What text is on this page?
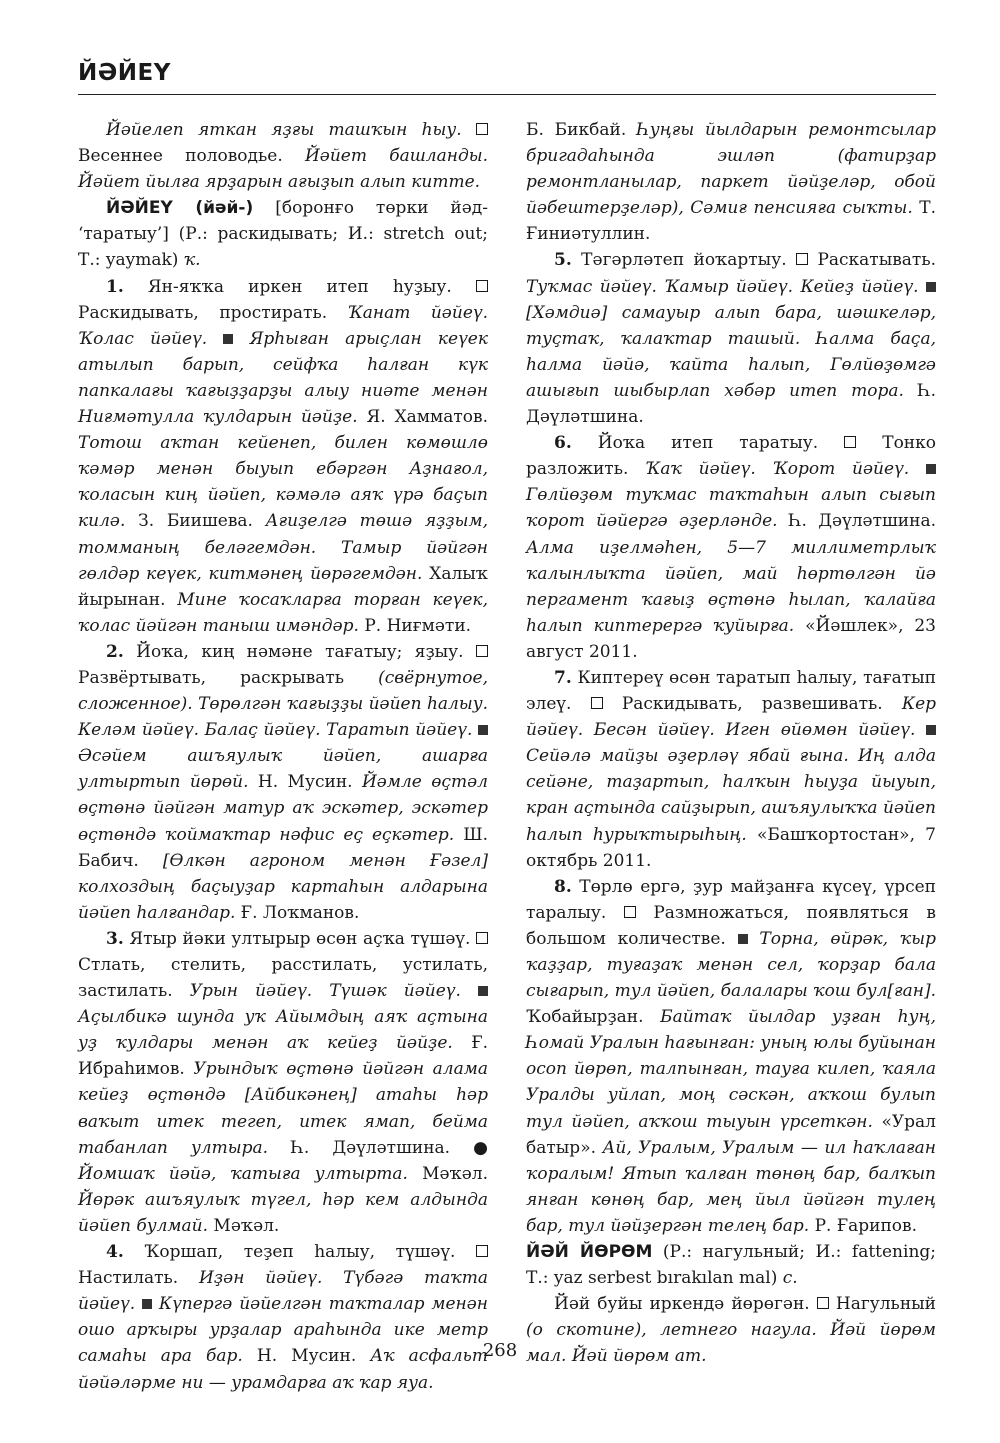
ЙӘЙЕҮ

Йәйелеп яткан яҙғы ташҡын һыу.  Весеннее половодье. Йәйет башланды. Йәйет йылға ярҙарын ағыҙып алып китте.

ЙӘЙЕҮ (йәй-) [боронғо төрки йәд- ‘таратыу’] (Р.: раскидывать; И.: stretch out; Т.: yaymak) ҡ.

1. Ян-яҡҡа иркен итеп һуҙыу.  Раскидывать, простирать. Ҡанат йәйеү. Ҡолас йәйеү.  Ярһыған арыҫлан кеүек атылып барып, сейфҡа һалған күк папкалағы ҡағыҙҙарҙы алыу ниәте менән Ниғмәтулла ҡулдарын йәйҙе. Я. Хамматов. Тотош аҡтан кейенеп, билен көмөшлө ҡәмәр менән быуып ебәргән Аҙнағол, ҡоласын киң йәйеп, кәмәлә аяҡ үрә баҫып килә. З. Биишева. Ағиҙелгә төшә яҙҙым, томманың беләгемдән. Тамыр йәйгән гөлдәр кеүек, китмәнең йөрәгемдән. Халыҡ йырынан. Мине ҡосаҡларға торған кеүек, ҡолас йәйгән таныш имәндәр. Р. Ниғмәти.

2. Йоҡа, киң нәмәне тағатыу; яҙыу.  Развёртывать, раскрывать (свёрнутое, сложенное). Төрөлгән ҡағыҙҙы йәйеп һалыу. Келәм йәйеү. Балаҫ йәйеү. Таратып йәйеү.  Әсәйем ашъяулыҡ йәйеп, ашарға ултыртып йөрөй. Н. Мусин. Йәмле өҫтәл өҫтөнә йәйгән матур аҡ эскәтер, эскәтер өҫтөндә ҡоймаҡтар нәфис еҫ еҫкәтер. Ш. Бабич. [Өлкән агроном менән Ғәзел] колхоздың баҫыуҙар картаһын алдарына йәйеп һалғандар. Ғ. Лоҡманов.

3. Ятыр йәки ултырыр өсөн аҫҡа түшәү.  Стлать, стелить, расстилать, устилать, застилать. Урын йәйеү. Түшәк йәйеү.  Аҫылбикә шунда уҡ Айымдың аяҡ аҫтына уҙ ҡулдары менән аҡ кейеҙ йәйҙе. Ғ. Ибраһимов. Урындыҡ өҫтөнә йәйгән алама кейеҙ өҫтөндә [Айбикәнең] атаһы һәр ваҡыт итек тегеп, итек ямап, бейма табанлап ултыра. Һ. Дәүләтшина. ● Йомшаҡ йәйә, ҡатыға ултырта. Мәҡәл. Йөрәк ашъяулыҡ түгел, һәр кем алдында йәйеп булмай. Мәҡәл.

4. Ҡоршап, теҙеп һалыу, түшәү.  Настилать. Иҙән йәйеү. Түбәгә таҡта йәйеү.  Күпергә йәйелгән таҡталар менән ошо арҡыры урҙалар араһында ике метр самаһы ара бар. Н. Мусин. Аҡ асфальт йәйәләрме ни — урамдарға аҡ ҡар яуа.

Б. Бикбай. Һуңғы йылдарын ремонтсылар бригадаһында эшләп (фатирҙар ремонтланылар, паркет йәйҙеләр, обой йәбештерҙеләр), Сәмиғ пенсияға сыҡты. Т. Ғиниәтуллин.

5. Тәгәрләтеп йоҡартыу.  Раскатывать. Туҡмас йәйеү. Ҡамыр йәйеү. Кейеҙ йәйеү.  [Хәмдиә] самауыр алып бара, шәшкеләр, туҫтаҡ, ҡалаҡтар ташый. Һалма баҫа, һалма йәйә, ҡайта һалып, Гөлйөҙөмгә ашығып шыбырлап хәбәр итеп тора. Һ. Дәүләтшина.

6. Йоҡа итеп таратыу.  Тонко разложить. Ҡаҡ йәйеү. Ҡорот йәйеү.  Гөлйөҙөм туҡмас таҡтаһын алып сығып ҡорот йәйергә әҙерләнде. Һ. Дәүләтшина. Алма иҙелмәһен, 5—7 миллиметрлыҡ ҡалынлыҡта йәйеп, май һөртөлгән йә пергамент ҡағыҙ өҫтөнә һылап, ҡалайға һалып киптерергә ҡуйырға. «Йәшлек», 23 август 2011.

7. Киптереү өсөн таратып һалыу, тағатып элеү.  Раскидывать, развешивать. Кер йәйеү. Бесән йәйеү. Иген өйөмөн йәйеү.  Сейәлә майҙы әҙерләү ябай ғына. Иң алда сейәне, таҙартып, һалҡын һыуҙа йыуып, кран аҫтында сайҙырып, ашъяулыҡҡа йәйеп һалып һурыҡтырыһың. «Башҡортостан», 7 октябрь 2011.

8. Төрлө ергә, ҙур майҙанға күсеү, үрсеп таралыу.  Размножаться, появляться в большом количестве.  Торна, өйрәк, ҡыр ҡаҙҙар, туғаҙаҡ менән сел, ҡорҙар бала сығарып, тул йәйеп, балалары ҡош бул[ған]. Ҡобайырҙан. Байтаҡ йылдар уҙған һуң, Һомай Уралын һағынған: уның юлы буйынан осоп йөрөп, талпынған, тауға килеп, ҡаяла Уралды уйлап, моң сәскән, аҡҡош булып тул йәйеп, аҡҡош тыуын үрсеткән. «Урал батыр». Ай, Уралым, Уралым — ил һаҡлаған ҡоралым! Ятып ҡалған төнөң бар, балҡып янған көнөң бар, мең йыл йәйгән тулең бар, тул йәйҙергән телең бар. Р. Ғарипов.

ЙӘЙ ЙӨРӨМ (Р.: нагульный; И.: fattening; Т.: yaz serbest bırakılan mal) с.

Йәй буйы иркендә йөрөгән.  Нагульный (о скотине), летнего нагула. Йәй йөрөм мал. Йәй йөрөм ат.

268
